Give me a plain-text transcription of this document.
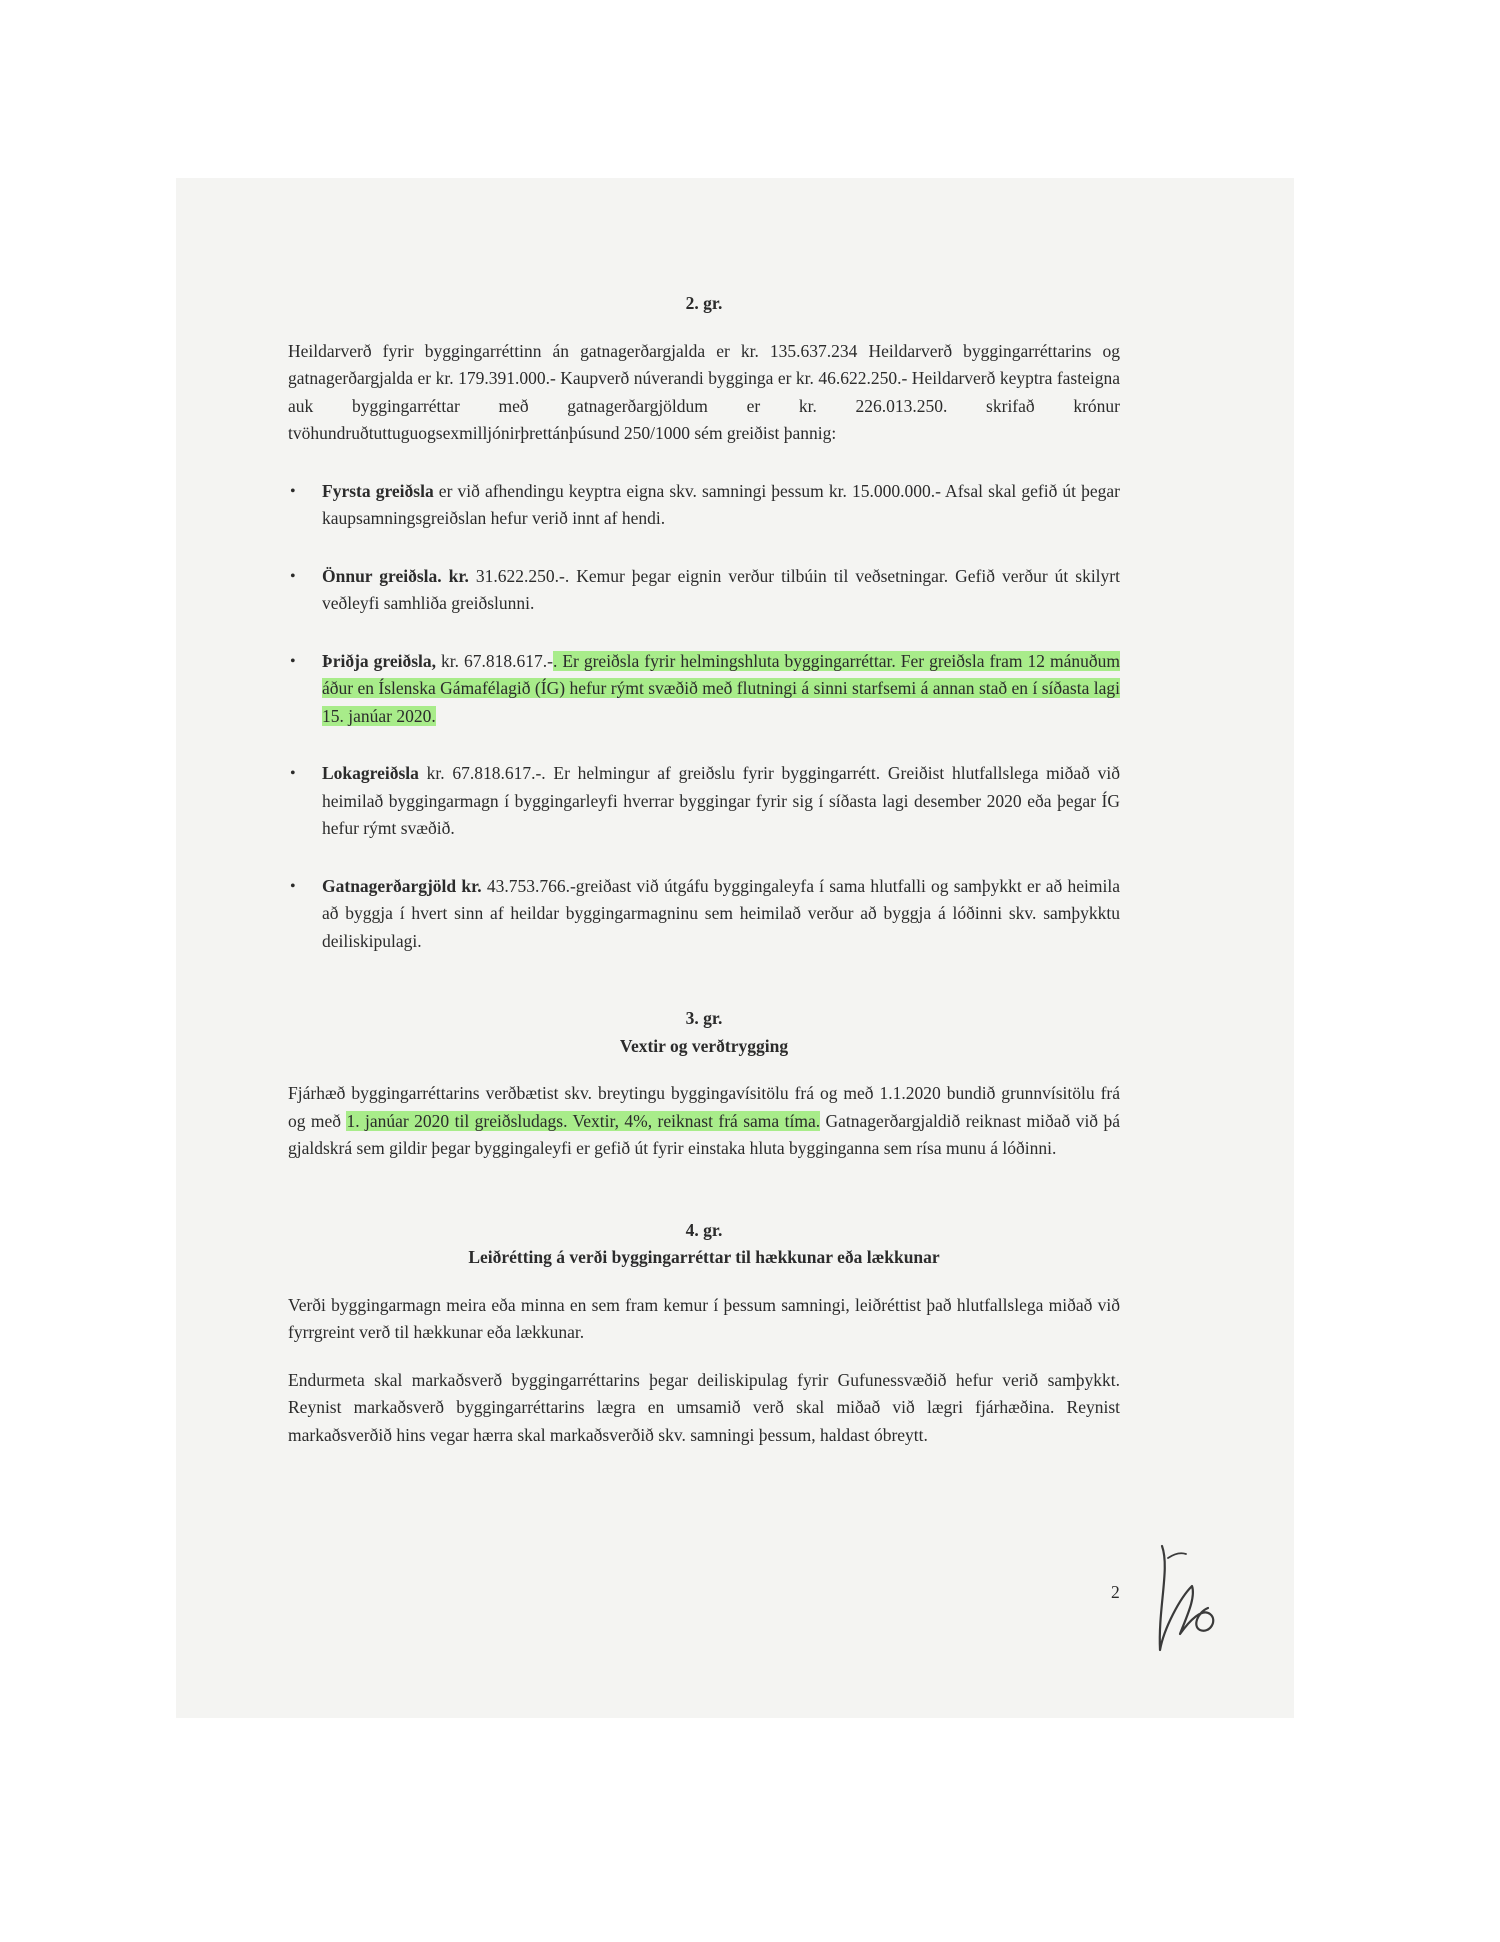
2. gr.

Heildarverð fyrir byggingarréttinn án gatnagerðargjalda er kr. 135.637.234 Heildarverð byggingarréttarins og gatnagerðargjalda er kr. 179.391.000.- Kaupverð núverandi bygginga er kr. 46.622.250.- Heildarverð keyptra fasteigna auk byggingarréttar með gatnagerðargjöldum er kr. 226.013.250. skrifað krónur tvöhundruðtuttuguogsexmilljónirþrettánþúsund 250/1000 sém greiðist þannig:

• Fyrsta greiðsla er við afhendingu keyptra eigna skv. samningi þessum kr. 15.000.000.- Afsal skal gefið út þegar kaupsamningsgreiðslan hefur verið innt af hendi.
• Önnur greiðsla. kr. 31.622.250.-. Kemur þegar eignin verður tilbúin til veðsetningar. Gefið verður út skilyrt veðleyfi samhliða greiðslunni.
• Þriðja greiðsla, kr. 67.818.617.-. Er greiðsla fyrir helmingshluta byggingarréttar. Fer greiðsla fram 12 mánuðum áður en Íslenska Gámafélagið (ÍG) hefur rýmt svæðið með flutningi á sinni starfsemi á annan stað en í síðasta lagi 15. janúar 2020.
• Lokagreiðsla kr. 67.818.617.-. Er helmingur af greiðslu fyrir byggingarrétt. Greiðist hlutfallslega miðað við heimilað byggingarmagn í byggingarleyfi hverrar byggingar fyrir sig í síðasta lagi desember 2020 eða þegar ÍG hefur rýmt svæðið.
• Gatnagerðargjöld kr. 43.753.766.-greiðast við útgáfu byggingaleyfa í sama hlutfalli og samþykkt er að heimila að byggja í hvert sinn af heildar byggingarmagninu sem heimilað verður að byggja á lóðinni skv. samþykktu deiliskipulagi.
3. gr.
Vextir og verðtrygging

Fjárhæð byggingarréttarins verðbætist skv. breytingu byggingavísitölu frá og með 1.1.2020 bundið grunnvísitölu frá og með 1. janúar 2020 til greiðsludags. Vextir, 4%, reiknast frá sama tíma. Gatnagerðargjaldið reiknast miðað við þá gjaldskrá sem gildir þegar byggingaleyfi er gefið út fyrir einstaka hluta bygginganna sem rísa munu á lóðinni.

4. gr.
Leiðrétting á verði byggingarréttar til hækkunar eða lækkunar

Verði byggingarmagn meira eða minna en sem fram kemur í þessum samningi, leiðréttist það hlutfallslega miðað við fyrrgreint verð til hækkunar eða lækkunar.

Endurmeta skal markaðsverð byggingarréttarins þegar deiliskipulag fyrir Gufunessvæðið hefur verið samþykkt. Reynist markaðsverð byggingarréttarins lægra en umsamið verð skal miðað við lægri fjárhæðina. Reynist markaðsverðið hins vegar hærra skal markaðsverðið skv. samningi þessum, haldast óbreytt.

2
